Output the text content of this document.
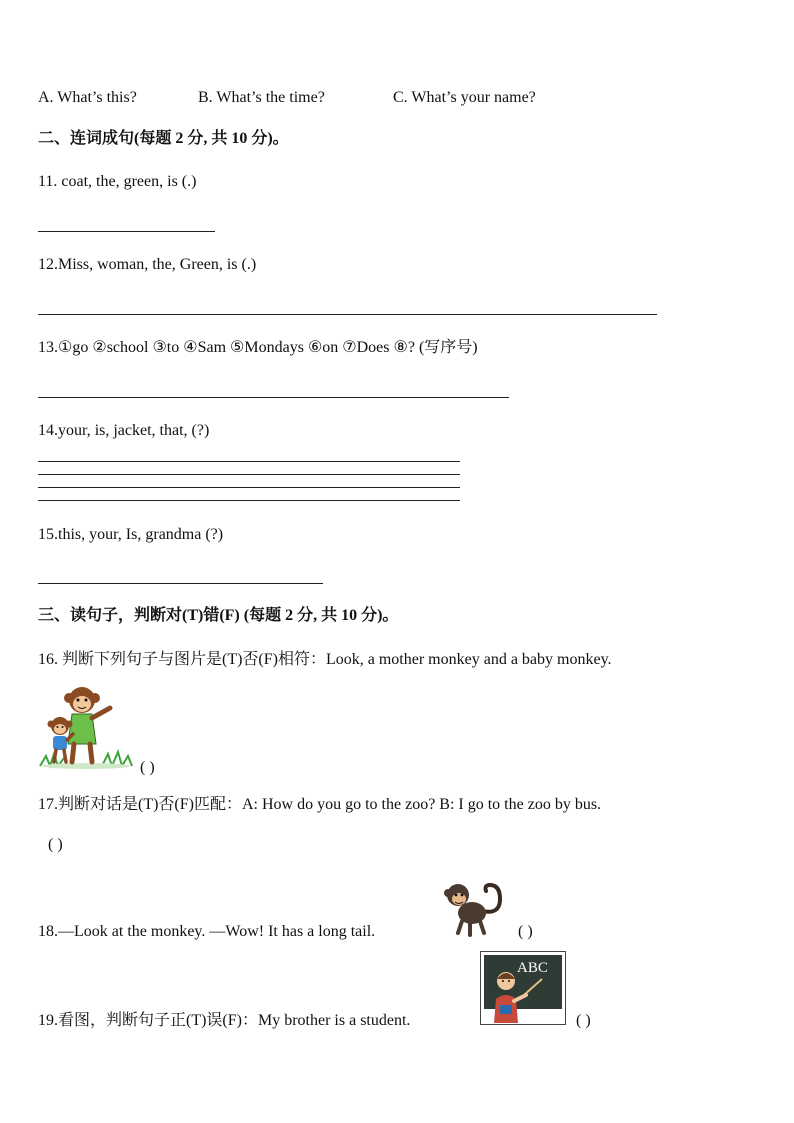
A. What’s this?	B. What’s the time?	C. What’s your name?
二、连词成句(每题 2 分, 共 10 分)。
11. coat, the, green, is (.)
12.Miss, woman, the, Green, is (.)
13.①go ②school ③to ④Sam ⑤Mondays ⑥on ⑦Does ⑧? (写序号)
14.your, is, jacket, that, (?)
15.this, your, Is, grandma (?)
三、读句子，判断对(T)错(F) (每题 2 分, 共 10 分)。
16. 判断下列句子与图片是(T)否(F)相符：Look, a mother monkey and a baby monkey.
( )
17.判断对话是(T)否(F)匹配：A: How do you go to the zoo? B: I go to the zoo by bus.
( )
18.—Look at the monkey. —Wow! It has a long tail.	( )
ABC
19.看图，判断句子正(T)误(F)：My brother is a student.	( )
